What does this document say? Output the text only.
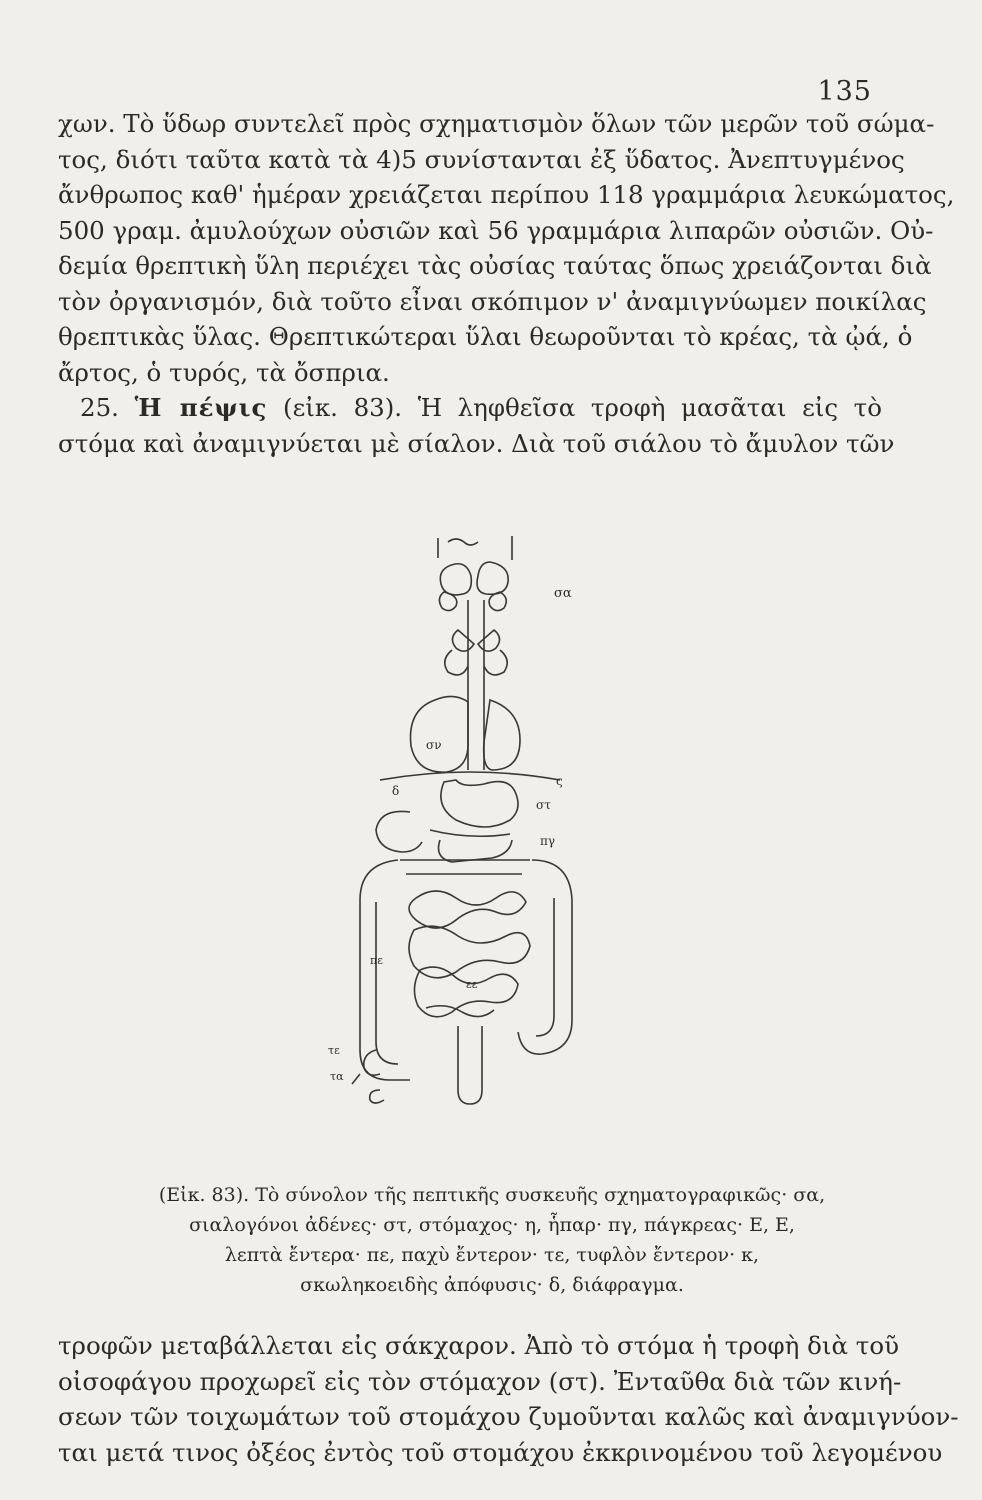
135
χων. Τὸ ὕδωρ συντελεῖ πρὸς σχηματισμὸν ὅλων τῶν μερῶν τοῦ σώμα-
τος, διότι ταῦτα κατὰ τὰ 4)5 συνίστανται ἐξ ὕδατος. Ἀνεπτυγμένος
ἄνθρωπος καθ' ἡμέραν χρειάζεται περίπου 118 γραμμάρια λευκώματος,
500 γραμ. ἀμυλούχων οὐσιῶν καὶ 56 γραμμάρια λιπαρῶν οὐσιῶν. Οὐ-
δεμία θρεπτικὴ ὕλη περιέχει τὰς οὐσίας ταύτας ὅπως χρειάζονται διὰ
τὸν ὀργανισμόν, διὰ τοῦτο εἶναι σκόπιμον ν' ἀναμιγνύωμεν ποικίλας
θρεπτικὰς ὕλας. Θρεπτικώτεραι ὕλαι θεωροῦνται τὸ κρέας, τὰ ᾠά, ὁ
ἄρτος, ὁ τυρός, τὰ ὄσπρια.
25. Ἡ πέψις (εἰκ. 83). Ἡ ληφθεῖσα τροφὴ μασᾶται εἰς τὸ
στόμα καὶ ἀναμιγνύεται μὲ σίαλον. Διὰ τοῦ σιάλου τὸ ἄμυλον τῶν
σα
σν
ς
δ
στ
πγ
εε
πε
τε
τα
(Εἰκ. 83). Τὸ σύνολον τῆς πεπτικῆς συσκευῆς σχηματογραφικῶς· σα,
σιαλογόνοι ἀδένες· στ, στόμαχος· η, ἧπαρ· πγ, πάγκρεας· Ε, Ε,
λεπτὰ ἔντερα· πε, παχὺ ἔντερον· τε, τυφλὸν ἔντερον· κ,
σκωληκοειδὴς ἀπόφυσις· δ, διάφραγμα.
τροφῶν μεταβάλλεται εἰς σάκχαρον. Ἀπὸ τὸ στόμα ἡ τροφὴ διὰ τοῦ
οἰσοφάγου προχωρεῖ εἰς τὸν στόμαχον (στ). Ἐνταῦθα διὰ τῶν κινή-
σεων τῶν τοιχωμάτων τοῦ στομάχου ζυμοῦνται καλῶς καὶ ἀναμιγνύον-
ται μετά τινος ὀξέος ἐντὸς τοῦ στομάχου ἐκκρινομένου τοῦ λεγομένου
